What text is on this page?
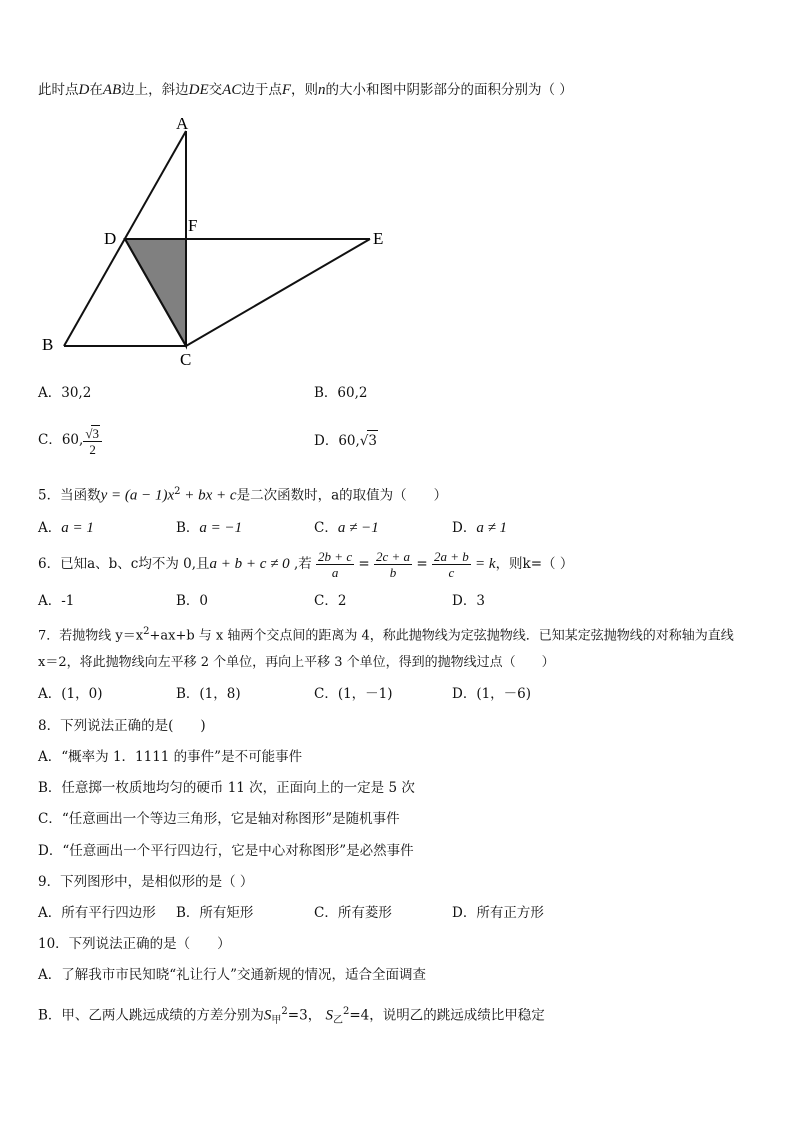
此时点D在AB边上，斜边DE交AC边于点F，则n的大小和图中阴影部分的面积分别为（ ）
A
B
C
D	E
F
A．30,2	B．60,2
C．60, $\frac{√3}{2}$	D．60,√3
5．当函数$y = (a - 1)x^2$ + bx + c是二次函数时，a的取值为（　　）
A．a = 1	B．a = −1	C．a ≠ −1	D．a ≠ 1
6．已知a、b、c均不为 0,且a + b + c ≠ 0 ,若 $\frac{2b + c}{a} = \frac{2c + a}{b} = \frac{2a + b}{c} = k$，则k=（ ）
A．-1	B．0	C．2	D．3
7．若抛物线 $y=x^2+ax+b$ 与 x 轴两个交点间的距离为 4，称此抛物线为定弦抛物线．已知某定弦抛物线的对称轴为直线
x＝2，将此抛物线向左平移 2 个单位，再向上平移 3 个单位，得到的抛物线过点（　　）
A．(1，0)	B．(1，8)	C．(1，－1)	D．(1，－6)
8．下列说法正确的是(　　)
A．“概率为 1．1111 的事件”是不可能事件
B．任意掷一枚质地均匀的硬币 11 次，正面向上的一定是 5 次
C．“任意画出一个等边三角形，它是轴对称图形”是随机事件
D．“任意画出一个平行四边行，它是中心对称图形”是必然事件
9．下列图形中，是相似形的是（ ）
A．所有平行四边形 B．所有矩形	C．所有菱形	D．所有正方形
10．下列说法正确的是（　　）
A．了解我市市民知晓“礼让行人”交通新规的情况，适合全面调查
B．甲、乙两人跳远成绩的方差分别为$S_甲^2=3$， $S_乙^2=4$，说明乙的跳远成绩比甲稳定
